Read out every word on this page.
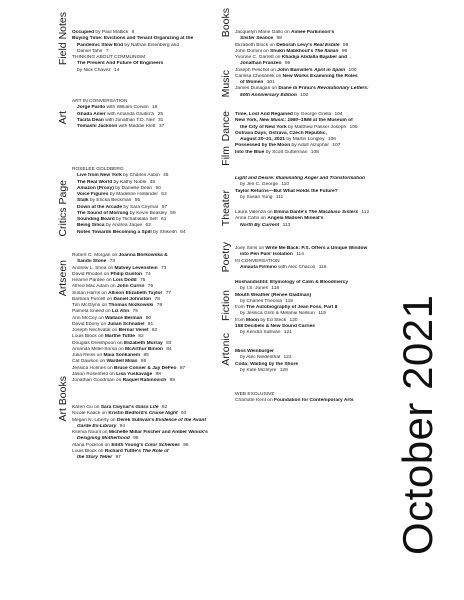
October 2021
Field Notes Occupied by Paul Mattick 6
Buying Time: Evictions and Tenant Organizing at the
Pandemic Slow End by Nathan Eisenberg and
Daniel Tahir 7
THINKING ABOUT COMMUNISM
The Present And Future Of Engineers
by Nick Chavez 14
Art
ART IN CONVERSATION
Jorge Pardo with William Corwin 19
Ghada Amer with Amanda Gluibizzi 25
Tacita Dean with Jonathan T.D. Neil 31
Tomashi Jackson with Maddie Klett 37
Critics Page
ROSELEE GOLDBERG
Live from New York by Charles Aubin 46
The Real World by Kathy Noble 49
Amazon (Proxy) by Danielle Dean 50
Voice Figures by Madeline Hollander 53
Stalk by Ericka Beckman 55
Down at the Arcade by Sara Ceymar 57
The Sound of Morning by Kevin Beasley 59
Sounding Board by Tschabalala Self 61
Being Silica by Andrea Jaque 62
Notes Towards Becoming a Spill by Shikeith 64
Artseen
Robert C. Morgan on Joanna Borkowska &
Sandii Stone 73
Andrew L. Shea on Matvey Levenstein 73
David Rhodes on Philip Guston 74
Hearne Pardee on Lois Dodd 75
Alfred Mac Adam on John Currin 76
Susan Harris on Allison Elizabeth Taylor 77
Barbara Purcell on Daniel Johnston 78
Tim McGlynn on Thomas Nozkowski 78
Pamela Sneed on Liz Ahn 79
Ann McCoy on Wallace Berman 80
David Ebony on Julian Schnabel 81
Joseph Nechvatal on Bernar Venet 82
Louis Block on Marthe Tuttle 82
Douglas Dreishpoon on Elizabeth Murray 83
Amanda Millet-Sorsa on McArthur Binion 84
Julia Reiss on Maia Sonkanem 85
Cat Dawson on Wardell Milan 86
Jessica Holmes on Bruce Conner & Jay DeFeo 87
Jason Rosenfeld on Lisa Yuskavage 88
Jonathan Goodman on Raquel Rabinovich 89
Art Books Karen Gu on Sara Cwynar's Glass Life 92
Nicole Kaack on Kristin Bedford's Cruise Night 93
Megan N. Liberty on Derek Sullivan's Evidence of the Avant
Garde Ex-Library 94
Ksenia Nouril on Michelle Millar Fischer and Amber Winick's
Designing Motherhood 95
Alana Pockros on Edith Young's Color Schemes 96
Louis Block on Richard Tuttle's The Role of
the Story Teller 97
Books Jacquelyn Marie Gallo on Aimee Parkinson's
Slister Séance 98
Elizabeth Block on Deborah Levy's Real Estate 98
John Domini on Shukri Mabkhout's The Italian 99
Yvonne C. Garrett on Khadija Abdalla Bajaber and
Jonathan Franzen 99
Joseph Peschel on John Banville's April in Spain 100
Carissa Chesanek on New Works Examining the Roles
of Women 101
James Dunagan on Diane di Prima's Revolutionary Letters:
50th Anniversary Edition 102
Music
Time, Lost And Regained by George Grella 104
New York, New Music: 1980–1986 at the Museum of
the City of New York by Matthew Passer Joseph 105
Ostrava Days, Ostrava, Czech Republic,
August 20–21, 2021 by Martin Longley 106
Possessed by the Moon by Adolf Alzuphar 107
Into the Blue by Scott Gutterman 108
Dance
Light and Desire: Illuminating Anger and Transformation
by Jen C. George 110
Taylor Returns—But What Holds the Future?
by Susan Yung 111
Film
Laura Valenza on Emma Dante's The Macaluso Sisters 112
Anna Cahn on Angela Madsen Mineat's
North By Current 113
Theater
Joey Sims on Write Me Back: P.S. Offers a Unique Window
into Pen Pals' Isolation 114
IN CONVERSATION
Amauta Firmino with Alec Chacon 115
Poetry
Hoshandishtil: Etymology of Calm & Bloodmercy
by I.S. Jones 118
Mouth Weather (Renee Gladman)
by Charles Theonia 119
from The Autobiography of Jean Foss, Part II
by Jessica Grim & Melanie Neilson 119
from Moon by Ed Steck 120
158 Decibels & New Sound Carries
by Kendra Sullivan 121
Fiction
Miss Weinburger
by Alec Niedenthal 122
Coda: Waiting by the Shore
by Kate McIntyre 129
Artonic
WEB EXCLUSIVE
Charlotte Kent on Foundation for Contemporary Arts
